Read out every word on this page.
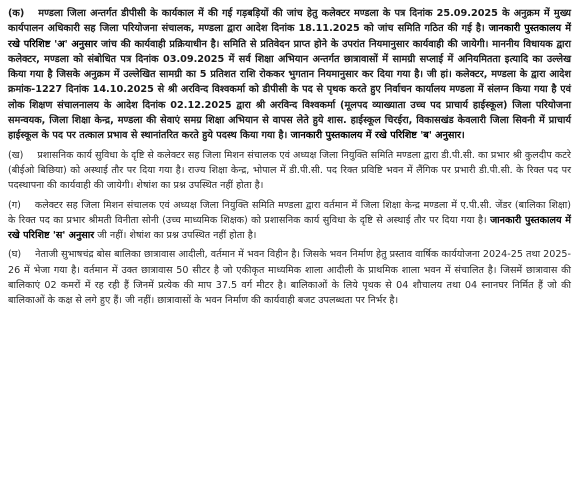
(क) मण्डला जिला अन्तर्गत डीपीसी के कार्यकाल में की गई गड़बड़ियों की जांच हेतु कलेक्टर मण्डला के पत्र दिनांक 25.09.2025 के अनुक्रम में मुख्य कार्यपालन अधिकारी सह जिला परियोजना संचालक, मण्डला द्वारा आदेश दिनांक 18.11.2025 को जांच समिति गठित की गई है। जानकारी पुस्तकालय में रखे परिशिष्ट 'अ' अनुसार जांच की कार्यवाही प्रक्रियाधीन है। समिति से प्रतिवेदन प्राप्त होने के उपरांत नियमानुसार कार्यवाही की जायेगी। माननीय विधायक द्वारा कलेक्टर, मण्डला को संबोधित पत्र दिनांक 03.09.2025 में सर्व शिक्षा अभियान अन्तर्गत छात्रावासों में सामग्री सप्लाई में अनियमितता इत्यादि का उल्लेख किया गया है जिसके अनुक्रम में उल्लेखित सामग्री का 5 प्रतिशत राशि रोककर भुगतान नियमानुसार कर दिया गया है। जी हां। कलेक्टर, मण्डला के द्वारा आदेश क्रमांक-1227 दिनांक 14.10.2025 से श्री अरविन्द विश्वकर्मा को डीपीसी के पद से पृथक करते हुए निर्वाचन कार्यालय मण्डला में संलग्न किया गया है एवं लोक शिक्षण संचालनालय के आदेश दिनांक 02.12.2025 द्वारा श्री अरविन्द विश्वकर्मा (मूलपद व्याख्याता उच्च पद प्राचार्य हाईस्कूल) जिला परियोजना समन्वयक, जिला शिक्षा केन्द्र, मण्डला की सेवाएं समग्र शिक्षा अभियान से वापस लेते हुये शास. हाईस्कूल चिरईरा, विकासखंड केवलारी जिला सिवनी में प्राचार्य हाईस्कूल के पद पर तत्काल प्रभाव से स्थानांतरित करते हुये पदस्थ किया गया है। जानकारी पुस्तकालय में रखे परिशिष्ट 'ब' अनुसार।

(ख) प्रशासनिक कार्य सुविधा के दृष्टि से कलेक्टर सह जिला मिशन संचालक एवं अध्यक्ष जिला नियुक्ति समिति मण्डला द्वारा डी.पी.सी. का प्रभार श्री कुलदीप कटरे (बीईओ बिछिया) को अस्थाई तौर पर दिया गया है। राज्य शिक्षा केन्द्र, भोपाल में डी.पी.सी. पद रिक्त प्रविष्टि भवन में लैंगिक पर प्रभारी डी.पी.सी. के रिक्त पद पर पदस्थापना की कार्यवाही की जायेगी। शेषांश का प्रश्न उपस्थित नहीं होता है।

(ग) कलेक्टर सह जिला मिशन संचालक एवं अध्यक्ष जिला नियुक्ति समिति मण्डला द्वारा वर्तमान में जिला शिक्षा केन्द्र मण्डला में ए.पी.सी. जेंडर (बालिका शिक्षा) के रिक्त पद का प्रभार श्रीमती विनीता सोनी (उच्च माध्यमिक शिक्षक) को प्रशासनिक कार्य सुविधा के दृष्टि से अस्थाई तौर पर दिया गया है। जानकारी पुस्तकालय में रखे परिशिष्ट 'स' अनुसार जी नहीं। शेषांश का प्रश्न उपस्थित नहीं होता है।

(घ) नेताजी सुभाषचंद्र बोस बालिका छात्रावास आदीली, वर्तमान में भवन विहीन है। जिसके भवन निर्माण हेतु प्रस्ताव वार्षिक कार्ययोजना 2024-25 तथा 2025-26 में भेजा गया है। वर्तमान में उक्त छात्रावास 50 सीटर है जो एकीकृत माध्यमिक शाला आदीली के प्राथमिक शाला भवन में संचालित है। जिसमें छात्रावास की बालिकाएं 02 कमरों में रह रही हैं जिनमें प्रत्येक की माप 37.5 वर्ग मीटर है। बालिकाओं के लिये पृथक से 04 शौचालय तथा 04 स्नानघर निर्मित हैं जो की बालिकाओं के कक्ष से लगे हुए हैं। जी नहीं। छात्रावासों के भवन निर्माण की कार्यवाही बजट उपलब्धता पर निर्भर है।
